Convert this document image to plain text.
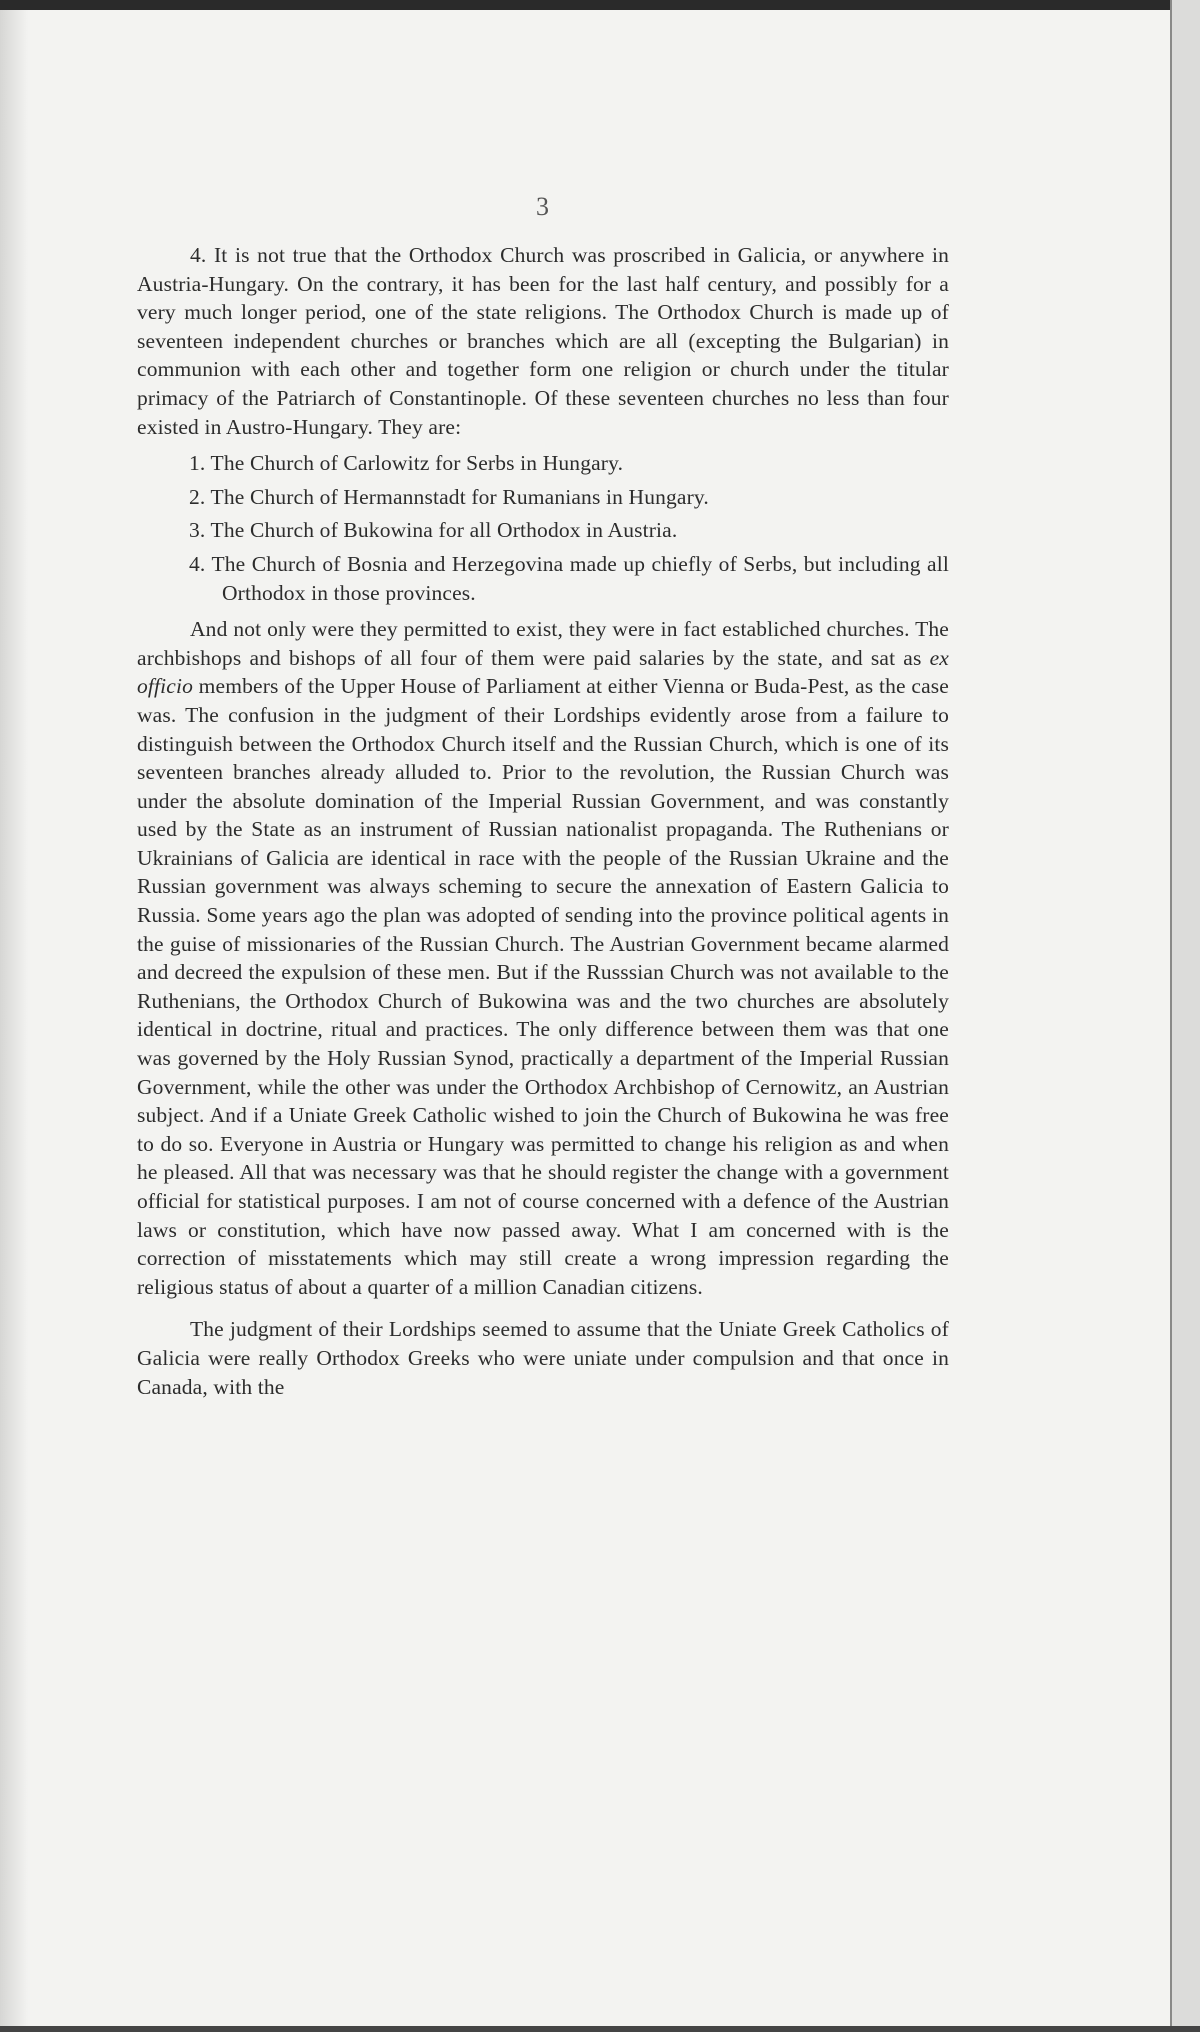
3

4. It is not true that the Orthodox Church was proscribed in Galicia, or anywhere in Austria-Hungary. On the contrary, it has been for the last half century, and possibly for a very much longer period, one of the state religions. The Orthodox Church is made up of seventeen independent churches or branches which are all (excepting the Bulgarian) in communion with each other and together form one religion or church under the titular primacy of the Patriarch of Constantinople. Of these seventeen churches no less than four existed in Austro-Hungary. They are:

1. The Church of Carlowitz for Serbs in Hungary.

2. The Church of Hermannstadt for Rumanians in Hungary.

3. The Church of Bukowina for all Orthodox in Austria.

4. The Church of Bosnia and Herzegovina made up chiefly of Serbs, but including all Orthodox in those provinces.

And not only were they permitted to exist, they were in fact establiched churches. The archbishops and bishops of all four of them were paid salaries by the state, and sat as ex officio members of the Upper House of Parliament at either Vienna or Buda-Pest, as the case was. The confusion in the judgment of their Lordships evidently arose from a failure to distinguish between the Orthodox Church itself and the Russian Church, which is one of its seventeen branches already alluded to. Prior to the revolution, the Russian Church was under the absolute domination of the Imperial Russian Government, and was constantly used by the State as an instrument of Russian nationalist propaganda. The Ruthenians or Ukrainians of Galicia are identical in race with the people of the Russian Ukraine and the Russian government was always scheming to secure the annexation of Eastern Galicia to Russia. Some years ago the plan was adopted of sending into the province political agents in the guise of missionaries of the Russian Church. The Austrian Government became alarmed and decreed the expulsion of these men. But if the Russsian Church was not available to the Ruthenians, the Orthodox Church of Bukowina was and the two churches are absolutely identical in doctrine, ritual and practices. The only difference between them was that one was governed by the Holy Russian Synod, practically a department of the Imperial Russian Government, while the other was under the Orthodox Archbishop of Cernowitz, an Austrian subject. And if a Uniate Greek Catholic wished to join the Church of Bukowina he was free to do so. Everyone in Austria or Hungary was permitted to change his religion as and when he pleased. All that was necessary was that he should register the change with a government official for statistical purposes. I am not of course concerned with a defence of the Austrian laws or constitution, which have now passed away. What I am concerned with is the correction of misstatements which may still create a wrong impression regarding the religious status of about a quarter of a million Canadian citizens.

The judgment of their Lordships seemed to assume that the Uniate Greek Catholics of Galicia were really Orthodox Greeks who were uniate under compulsion and that once in Canada, with the
